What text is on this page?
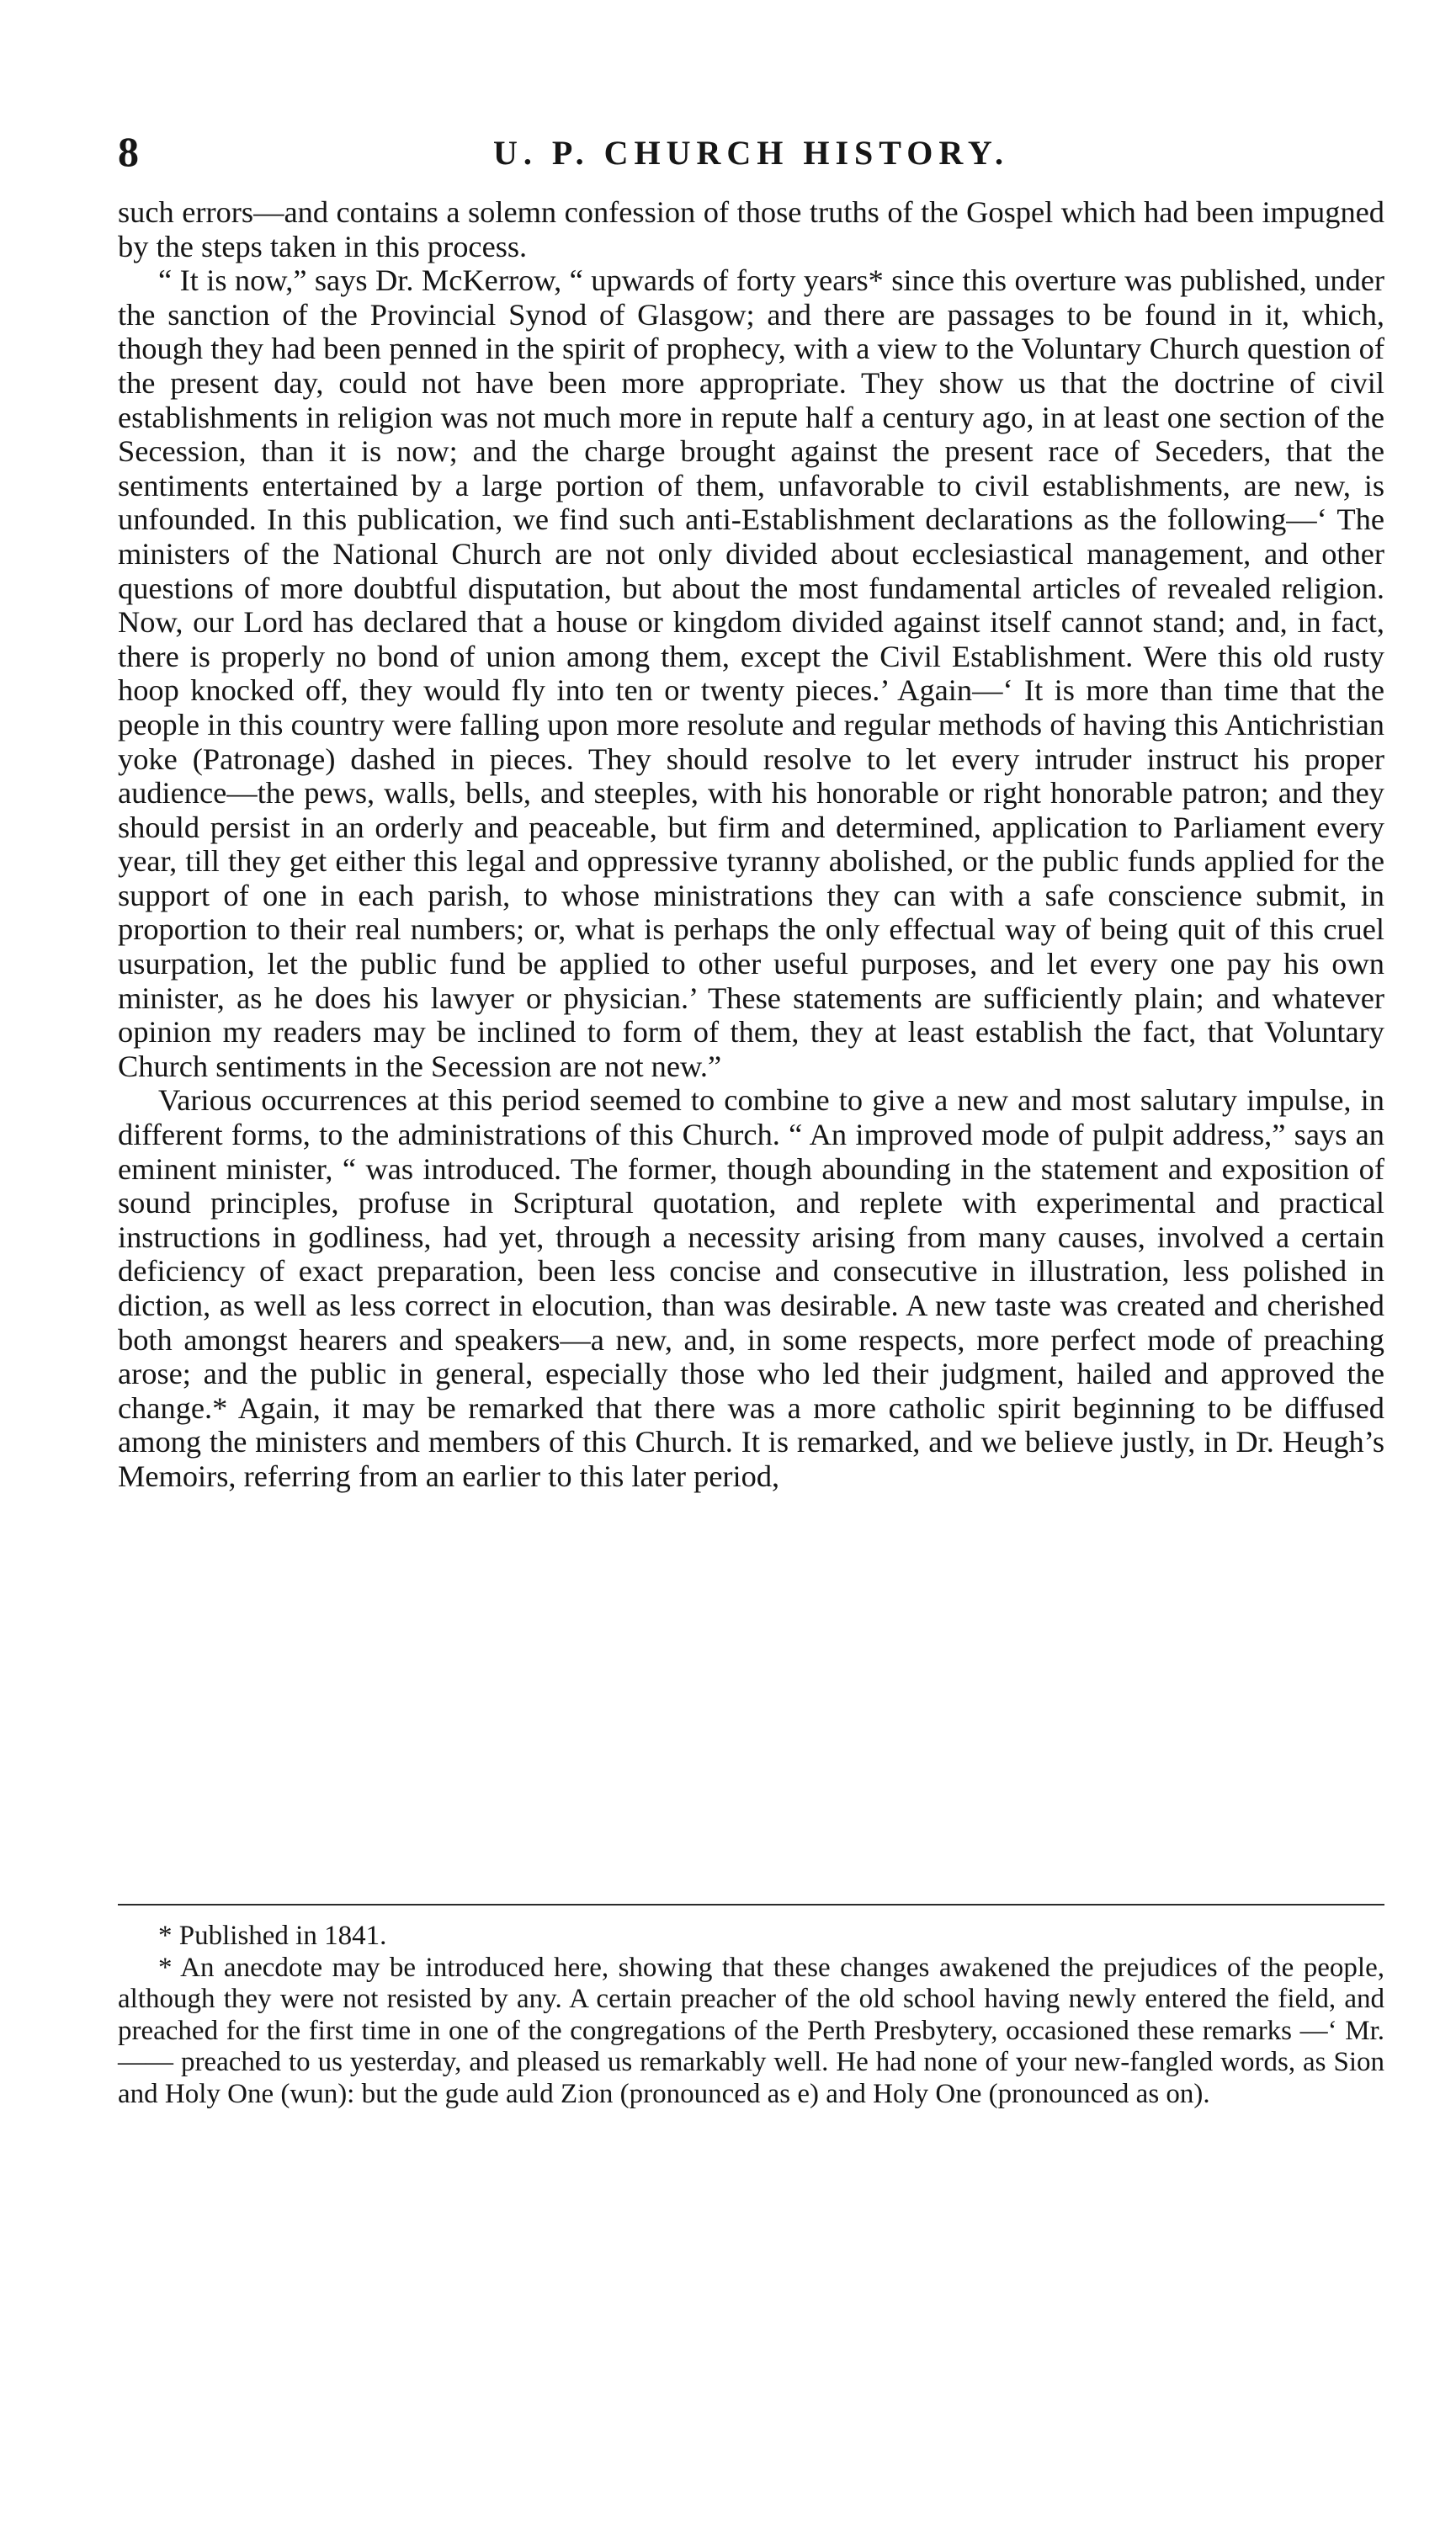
8	U. P. CHURCH HISTORY.

such errors—and contains a solemn confession of those truths of the Gospel which had been impugned by the steps taken in this process.

“ It is now,” says Dr. McKerrow, “ upwards of forty years* since this overture was published, under the sanction of the Provincial Synod of Glasgow; and there are passages to be found in it, which, though they had been penned in the spirit of prophecy, with a view to the Voluntary Church question of the present day, could not have been more appropriate. They show us that the doctrine of civil establishments in religion was not much more in repute half a century ago, in at least one section of the Secession, than it is now; and the charge brought against the present race of Seceders, that the sentiments entertained by a large portion of them, unfavorable to civil establishments, are new, is unfounded. In this publication, we find such anti-Establishment declarations as the following—‘ The ministers of the National Church are not only divided about ecclesiastical management, and other questions of more doubtful disputation, but about the most fundamental articles of revealed religion. Now, our Lord has declared that a house or kingdom divided against itself cannot stand; and, in fact, there is properly no bond of union among them, except the Civil Establishment. Were this old rusty hoop knocked off, they would fly into ten or twenty pieces.’ Again—‘ It is more than time that the people in this country were falling upon more resolute and regular methods of having this Antichristian yoke (Patronage) dashed in pieces. They should resolve to let every intruder instruct his proper audience—the pews, walls, bells, and steeples, with his honorable or right honorable patron; and they should persist in an orderly and peaceable, but firm and determined, application to Parliament every year, till they get either this legal and oppressive tyranny abolished, or the public funds applied for the support of one in each parish, to whose ministrations they can with a safe conscience submit, in proportion to their real numbers; or, what is perhaps the only effectual way of being quit of this cruel usurpation, let the public fund be applied to other useful purposes, and let every one pay his own minister, as he does his lawyer or physician.’ These statements are sufficiently plain; and whatever opinion my readers may be inclined to form of them, they at least establish the fact, that Voluntary Church sentiments in the Secession are not new.”

Various occurrences at this period seemed to combine to give a new and most salutary impulse, in different forms, to the administrations of this Church. “ An improved mode of pulpit address,” says an eminent minister, “ was introduced. The former, though abounding in the statement and exposition of sound principles, profuse in Scriptural quotation, and replete with experimental and practical instructions in godliness, had yet, through a necessity arising from many causes, involved a certain deficiency of exact preparation, been less concise and consecutive in illustration, less polished in diction, as well as less correct in elocution, than was desirable. A new taste was created and cherished both amongst hearers and speakers—a new, and, in some respects, more perfect mode of preaching arose; and the public in general, especially those who led their judgment, hailed and approved the change.* Again, it may be remarked that there was a more catholic spirit beginning to be diffused among the ministers and members of this Church. It is remarked, and we believe justly, in Dr. Heugh’s Memoirs, referring from an earlier to this later period,

* Published in 1841.

* An anecdote may be introduced here, showing that these changes awakened the prejudices of the people, although they were not resisted by any. A certain preacher of the old school having newly entered the field, and preached for the first time in one of the congregations of the Perth Presbytery, occasioned these remarks —‘ Mr. —— preached to us yesterday, and pleased us remarkably well. He had none of your new-fangled words, as Sion and Holy One (wun): but the gude auld Zion (pronounced as e) and Holy One (pronounced as on).
